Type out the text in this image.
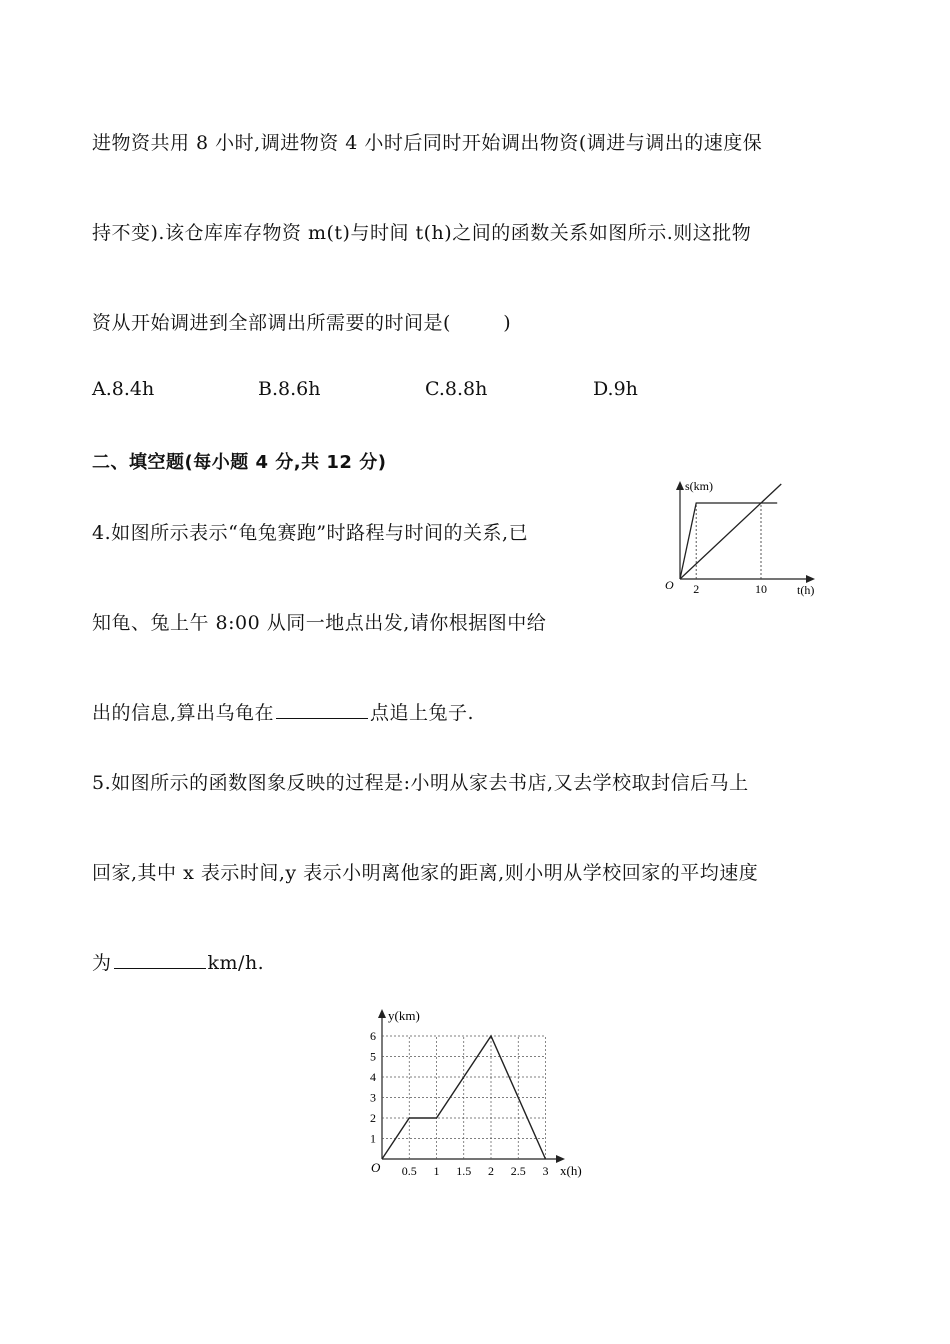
进物资共用 8 小时,调进物资 4 小时后同时开始调出物资(调进与调出的速度保
持不变).该仓库库存物资 m(t)与时间 t(h)之间的函数关系如图所示.则这批物
资从开始调进到全部调出所需要的时间是(        )
A.8.4h	B.8.6h	C.8.8h	D.9h
二、填空题(每小题 4 分,共 12 分)
4.如图所示表示“龟兔赛跑”时路程与时间的关系,已
知龟、兔上午 8:00 从同一地点出发,请你根据图中给
出的信息,算出乌龟在	点追上兔子.
s(km)
t(h)
O 2	10
5.如图所示的函数图象反映的过程是:小明从家去书店,又去学校取封信后马上
回家,其中 x 表示时间,y 表示小明离他家的距离,则小明从学校回家的平均速度
为	km/h.
y(km)
x(h)
O 0.5 1 1.5 2 2.5 3
1
2
3
4
5
6
